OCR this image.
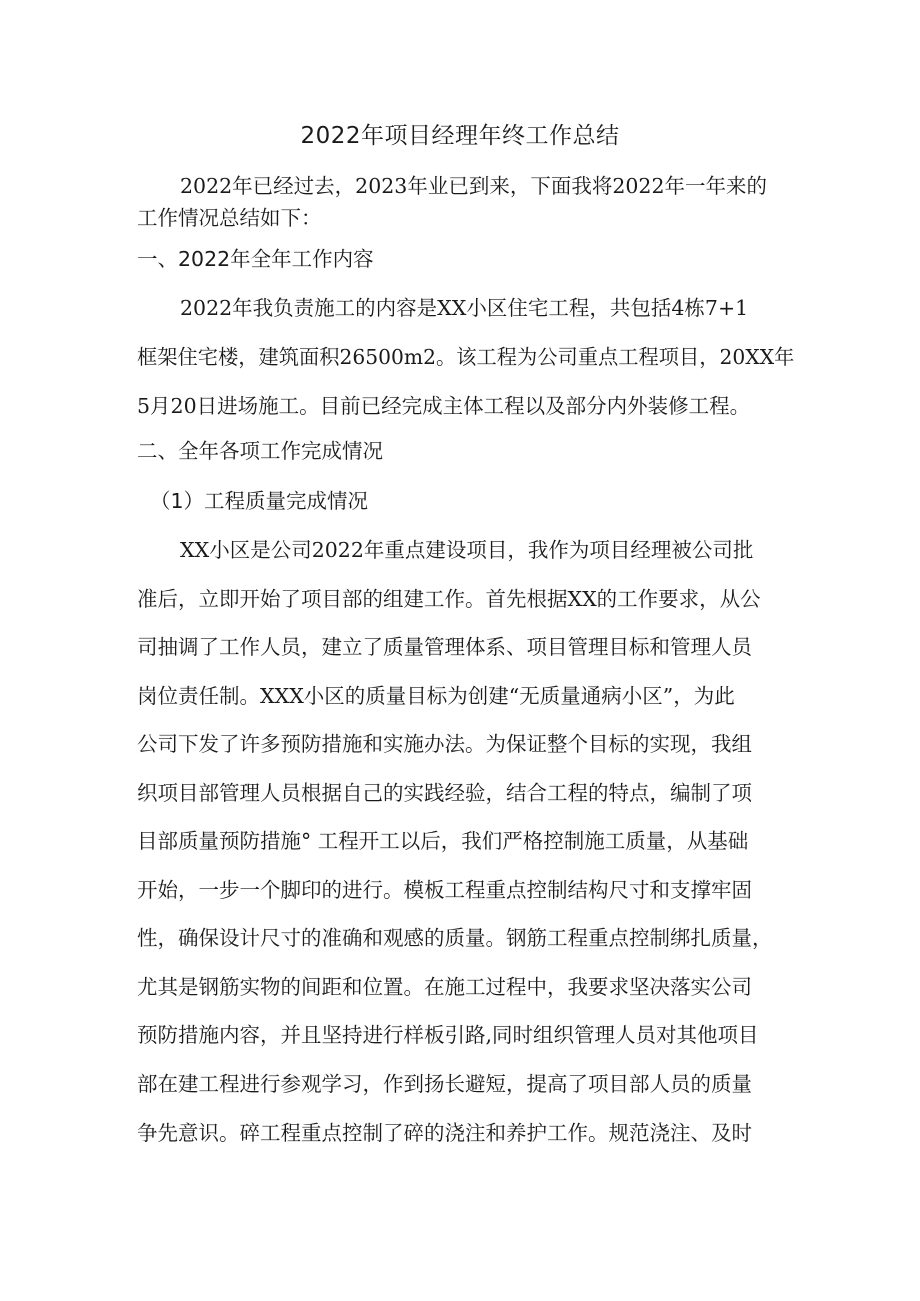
2022年项目经理年终工作总结
2022年已经过去，2023年业已到来，下面我将2022年一年来的
工作情况总结如下：
一、2022年全年工作内容
2022年我负责施工的内容是XX小区住宅工程，共包括4栋7+1
框架住宅楼，建筑面积26500m2。该工程为公司重点工程项目，20XX年
5月20日进场施工。目前已经完成主体工程以及部分内外装修工程。
二、全年各项工作完成情况
（1）工程质量完成情况
XX小区是公司2022年重点建设项目，我作为项目经理被公司批
准后，立即开始了项目部的组建工作。首先根据XX的工作要求，从公
司抽调了工作人员，建立了质量管理体系、项目管理目标和管理人员
岗位责任制。XXX小区的质量目标为创建“无质量通病小区”，为此
公司下发了许多预防措施和实施办法。为保证整个目标的实现，我组
织项目部管理人员根据自己的实践经验，结合工程的特点，编制了项
目部质量预防措施° 工程开工以后，我们严格控制施工质量，从基础
开始，一步一个脚印的进行。模板工程重点控制结构尺寸和支撑牢固
性，确保设计尺寸的准确和观感的质量。钢筋工程重点控制绑扎质量，
尤其是钢筋实物的间距和位置。在施工过程中，我要求坚决落实公司
预防措施内容，并且坚持进行样板引路,同时组织管理人员对其他项目
部在建工程进行参观学习，作到扬长避短，提高了项目部人员的质量
争先意识。碎工程重点控制了碎的浇注和养护工作。规范浇注、及时
